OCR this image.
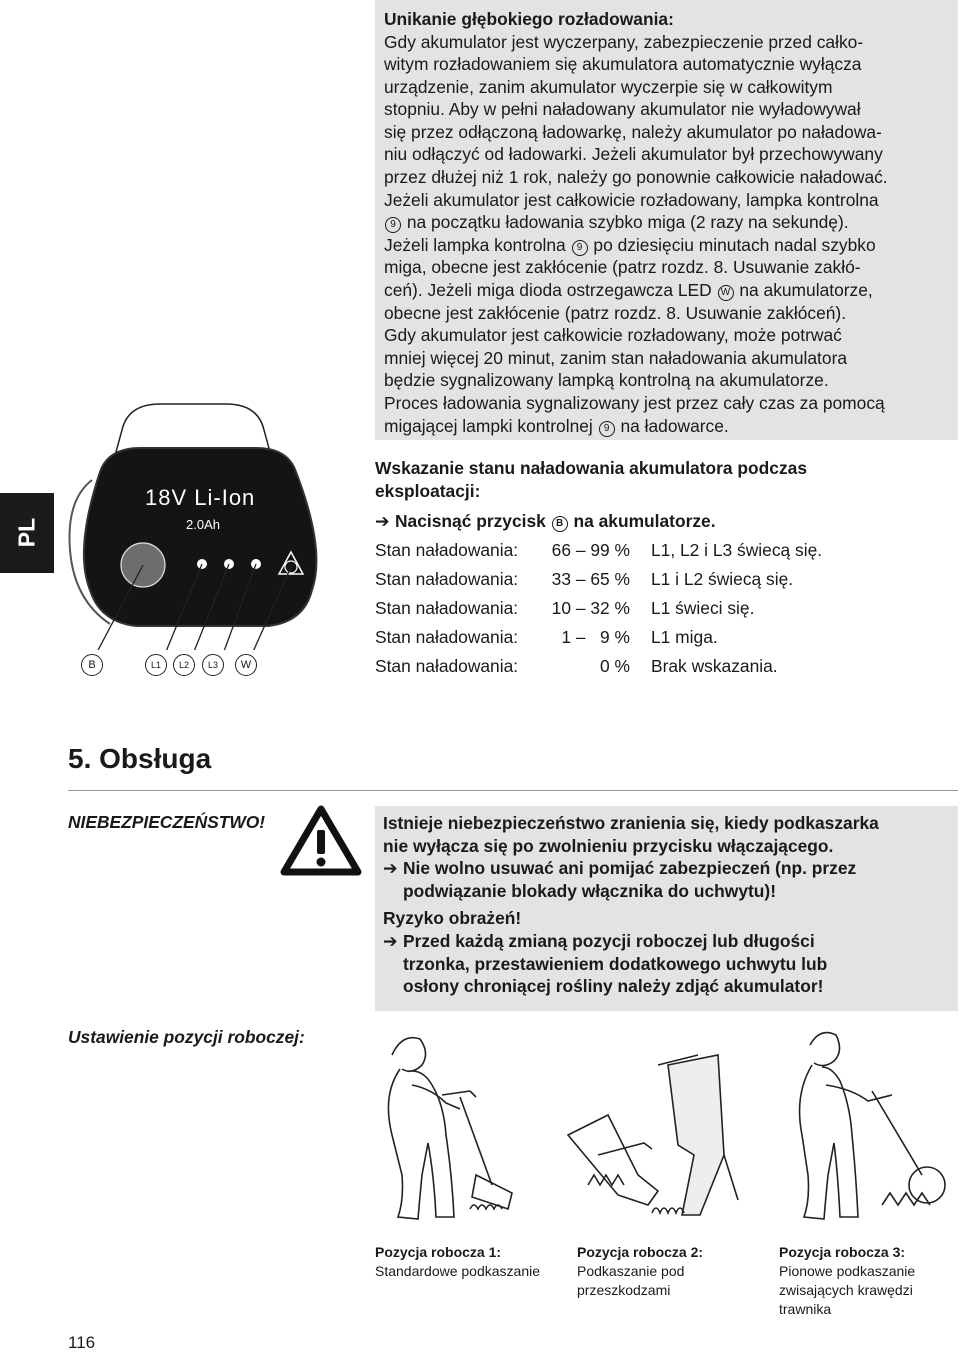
PL
Unikanie głębokiego rozładowania:
Gdy akumulator jest wyczerpany, zabezpieczenie przed całko-
witym rozładowaniem się akumulatora automatycznie wyłącza
urządzenie, zanim akumulator wyczerpie się w całkowitym
stopniu. Aby w pełni naładowany akumulator nie wyładowywał
się przez odłączoną ładowarkę, należy akumulator po naładowa-
niu odłączyć od ładowarki. Jeżeli akumulator był przechowywany
przez dłużej niż 1 rok, należy go ponownie całkowicie naładować.
Jeżeli akumulator jest całkowicie rozładowany, lampka kontrolna
9 na początku ładowania szybko miga (2 razy na sekundę).
Jeżeli lampka kontrolna 9 po dziesięciu minutach nadal szybko
miga, obecne jest zakłócenie (patrz rozdz. 8. Usuwanie zakłó-
ceń). Jeżeli miga dioda ostrzegawcza LED W na akumulatorze,
obecne jest zakłócenie (patrz rozdz. 8. Usuwanie zakłóceń).
Gdy akumulator jest całkowicie rozładowany, może potrwać
mniej więcej 20 minut, zanim stan naładowania akumulatora
będzie sygnalizowany lampką kontrolną na akumulatorze.
Proces ładowania sygnalizowany jest przez cały czas za pomocą
migającej lampki kontrolnej 9 na ładowarce.
18V Li-Ion
2.0Ah
B	L1	L2	L3	W
Wskazanie stanu naładowania akumulatora podczas
eksploatacji:
➔ Nacisnąć przycisk B na akumulatorze.
Stan naładowania:	66 – 99 % L1, L2 i L3 świecą się.
Stan naładowania:	33 – 65 % L1 i L2 świecą się.
Stan naładowania:	10 – 32 % L1 świeci się.
Stan naładowania:	1 –   9 % L1 miga.
Stan naładowania:	0 % Brak wskazania.
5. Obsługa
NIEBEZPIECZEŃSTWO!	Istnieje niebezpieczeństwo zranienia się, kiedy podkaszarka
nie wyłącza się po zwolnieniu przycisku włączającego.
➔ Nie wolno usuwać ani pomijać zabezpieczeń (np. przez
podwiązanie blokady włącznika do uchwytu)!
Ryzyko obrażeń!
➔ Przed każdą zmianą pozycji roboczej lub długości
trzonka, przestawieniem dodatkowego uchwytu lub
osłony chroniącej rośliny należy zdjąć akumulator!
Ustawienie pozycji roboczej:
Pozycja robocza 1:
Standardowe podkaszanie
Pozycja robocza 2:
Podkaszanie pod
przeszkodzami
Pozycja robocza 3:
Pionowe podkaszanie
zwisających krawędzi
trawnika
116
